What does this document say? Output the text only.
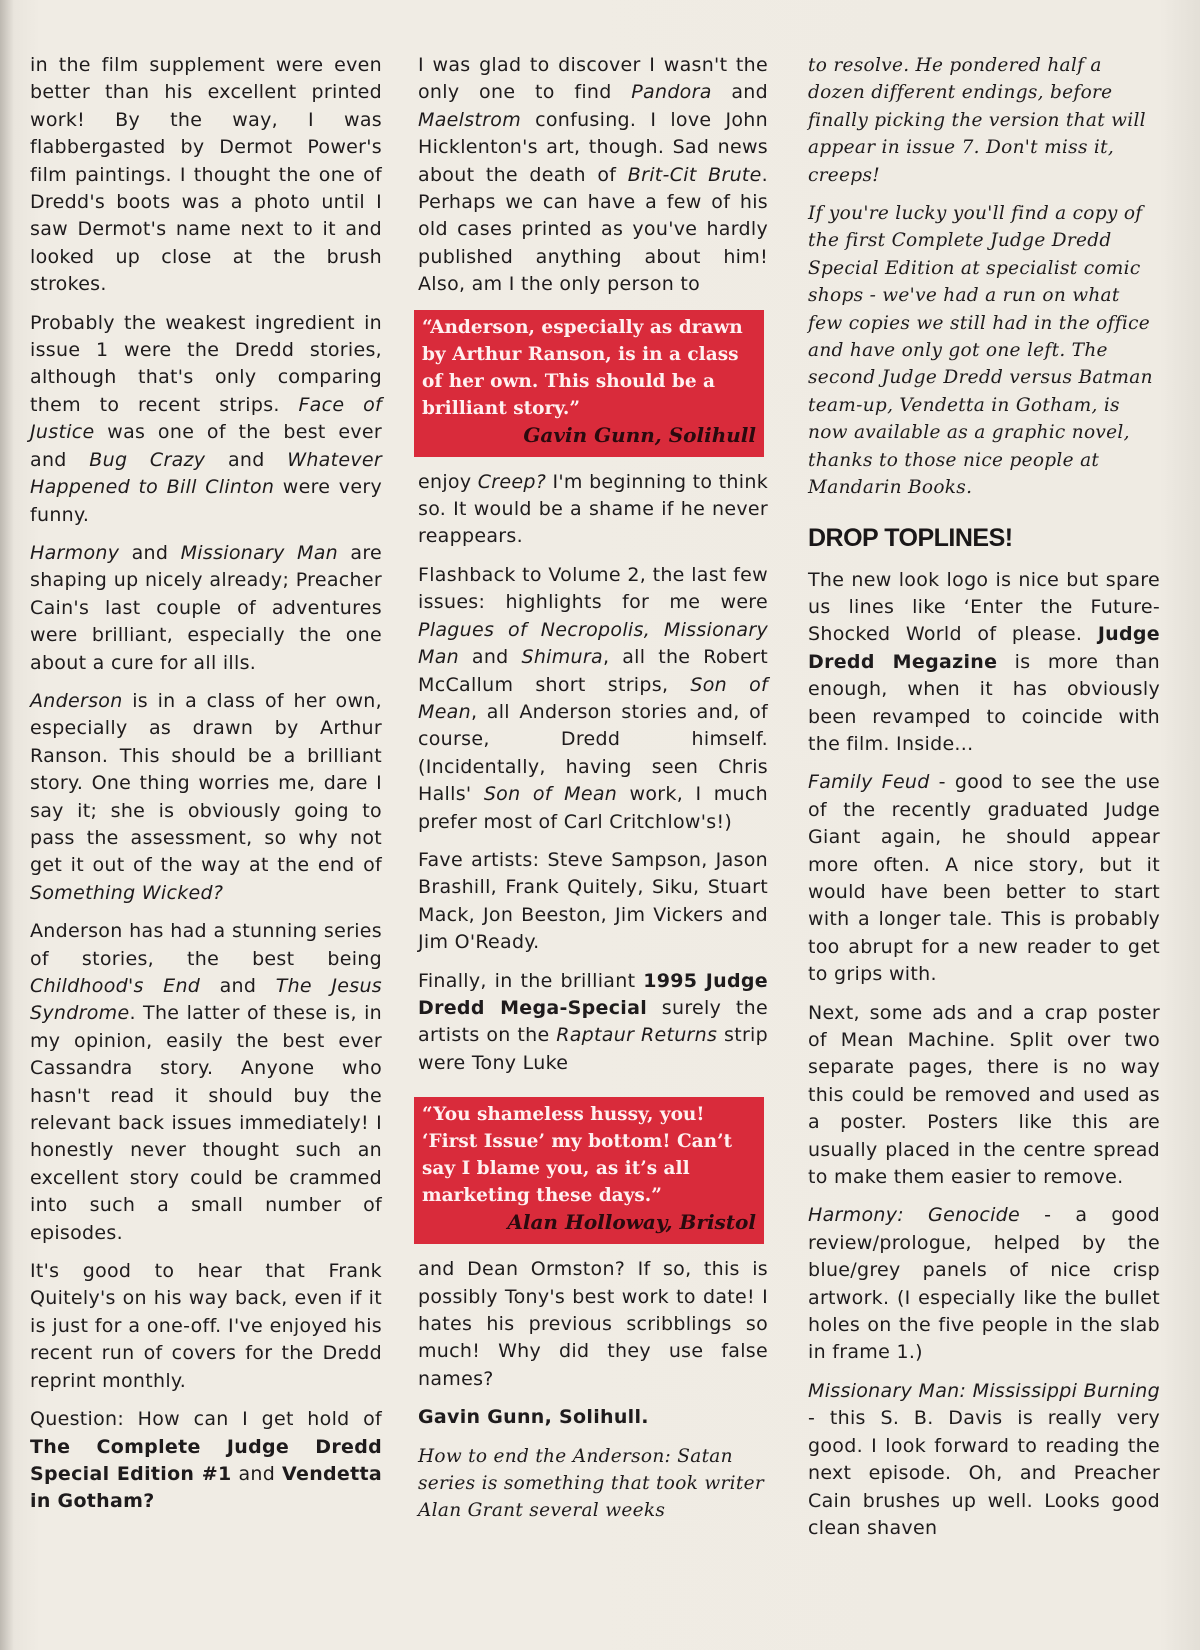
in the film supplement were even better than his excellent printed work! By the way, I was flabbergasted by Dermot Power's film paintings. I thought the one of Dredd's boots was a photo until I saw Dermot's name next to it and looked up close at the brush strokes.

Probably the weakest ingredient in issue 1 were the Dredd stories, although that's only comparing them to recent strips. Face of Justice was one of the best ever and Bug Crazy and Whatever Happened to Bill Clinton were very funny.

Harmony and Missionary Man are shaping up nicely already; Preacher Cain's last couple of adventures were brilliant, especially the one about a cure for all ills.

Anderson is in a class of her own, especially as drawn by Arthur Ranson. This should be a brilliant story. One thing worries me, dare I say it; she is obviously going to pass the assessment, so why not get it out of the way at the end of Something Wicked?

Anderson has had a stunning series of stories, the best being Childhood's End and The Jesus Syndrome. The latter of these is, in my opinion, easily the best ever Cassandra story. Anyone who hasn't read it should buy the relevant back issues immediately! I honestly never thought such an excellent story could be crammed into such a small number of episodes.

It's good to hear that Frank Quitely's on his way back, even if it is just for a one-off. I've enjoyed his recent run of covers for the Dredd reprint monthly.

Question: How can I get hold of The Complete Judge Dredd Special Edition #1 and Vendetta in Gotham?

I was glad to discover I wasn't the only one to find Pandora and Maelstrom confusing. I love John Hicklenton's art, though. Sad news about the death of Brit-Cit Brute. Perhaps we can have a few of his old cases printed as you've hardly published anything about him! Also, am I the only person to

“Anderson, especially as drawn by Arthur Ranson, is in a class of her own. This should be a brilliant story.”
Gavin Gunn, Solihull

enjoy Creep? I'm beginning to think so. It would be a shame if he never reappears.

Flashback to Volume 2, the last few issues: highlights for me were Plagues of Necropolis, Missionary Man and Shimura, all the Robert McCallum short strips, Son of Mean, all Anderson stories and, of course, Dredd himself. (Incidentally, having seen Chris Halls' Son of Mean work, I much prefer most of Carl Critchlow's!)

Fave artists: Steve Sampson, Jason Brashill, Frank Quitely, Siku, Stuart Mack, Jon Beeston, Jim Vickers and Jim O'Ready.

Finally, in the brilliant 1995 Judge Dredd Mega-Special surely the artists on the Raptaur Returns strip were Tony Luke

“You shameless hussy, you! ‘First Issue’ my bottom! Can’t say I blame you, as it’s all marketing these days.”
Alan Holloway, Bristol

and Dean Ormston? If so, this is possibly Tony's best work to date! I hates his previous scribblings so much! Why did they use false names?

Gavin Gunn, Solihull.

How to end the Anderson: Satan series is something that took writer Alan Grant several weeks

to resolve. He pondered half a dozen different endings, before finally picking the version that will appear in issue 7. Don't miss it, creeps!

If you're lucky you'll find a copy of the first Complete Judge Dredd Special Edition at specialist comic shops - we've had a run on what few copies we still had in the office and have only got one left. The second Judge Dredd versus Batman team-up, Vendetta in Gotham, is now available as a graphic novel, thanks to those nice people at Mandarin Books.

DROP TOPLINES!

The new look logo is nice but spare us lines like ‘Enter the Future-Shocked World of please. Judge Dredd Megazine is more than enough, when it has obviously been revamped to coincide with the film. Inside...

Family Feud - good to see the use of the recently graduated Judge Giant again, he should appear more often. A nice story, but it would have been better to start with a longer tale. This is probably too abrupt for a new reader to get to grips with.

Next, some ads and a crap poster of Mean Machine. Split over two separate pages, there is no way this could be removed and used as a poster. Posters like this are usually placed in the centre spread to make them easier to remove.

Harmony: Genocide - a good review/prologue, helped by the blue/grey panels of nice crisp artwork. (I especially like the bullet holes on the five people in the slab in frame 1.)

Missionary Man: Mississippi Burning - this S. B. Davis is really very good. I look forward to reading the next episode. Oh, and Preacher Cain brushes up well. Looks good clean shaven
